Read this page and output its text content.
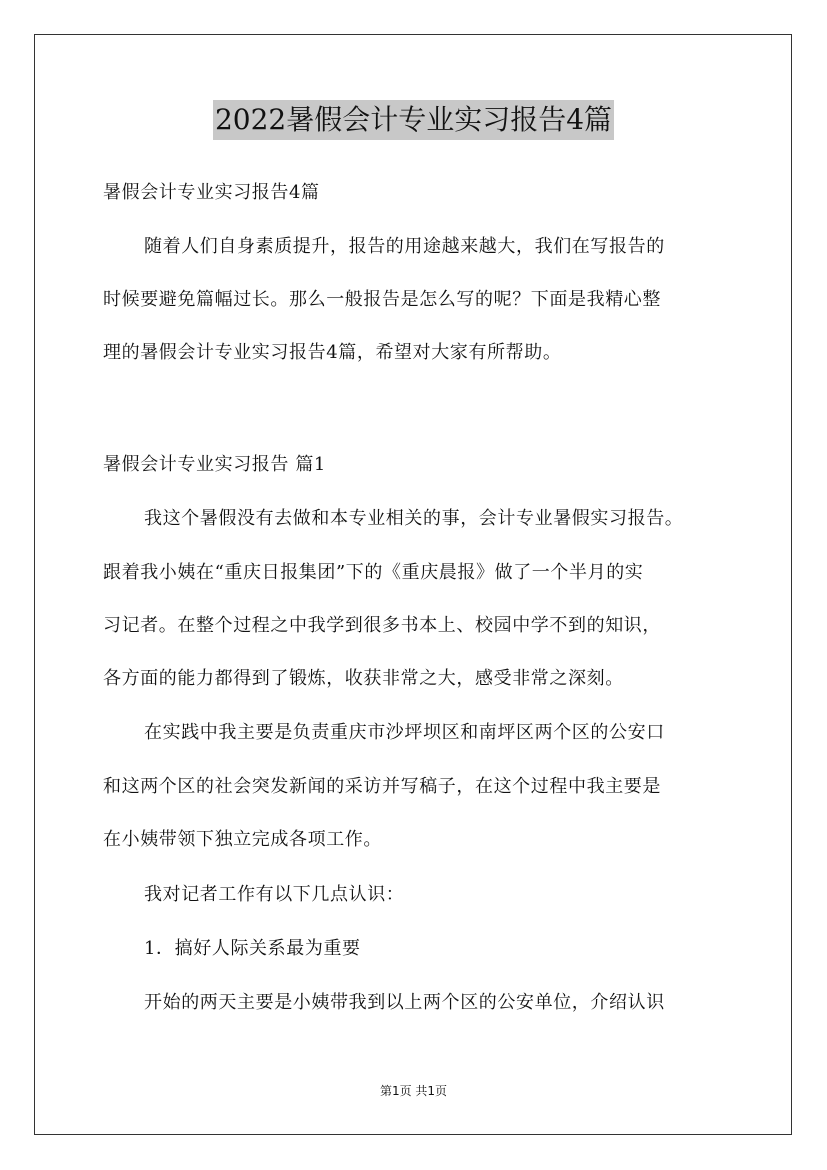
2022暑假会计专业实习报告4篇
暑假会计专业实习报告4篇
随着人们自身素质提升，报告的用途越来越大，我们在写报告的
时候要避免篇幅过长。那么一般报告是怎么写的呢？下面是我精心整
理的暑假会计专业实习报告4篇，希望对大家有所帮助。
暑假会计专业实习报告 篇1
我这个暑假没有去做和本专业相关的事，会计专业暑假实习报告。
跟着我小姨在“重庆日报集团”下的《重庆晨报》做了一个半月的实
习记者。在整个过程之中我学到很多书本上、校园中学不到的知识，
各方面的能力都得到了锻炼，收获非常之大，感受非常之深刻。
在实践中我主要是负责重庆市沙坪坝区和南坪区两个区的公安口
和这两个区的社会突发新闻的采访并写稿子，在这个过程中我主要是
在小姨带领下独立完成各项工作。
我对记者工作有以下几点认识：
1．搞好人际关系最为重要
开始的两天主要是小姨带我到以上两个区的公安单位，介绍认识
第1页 共1页
